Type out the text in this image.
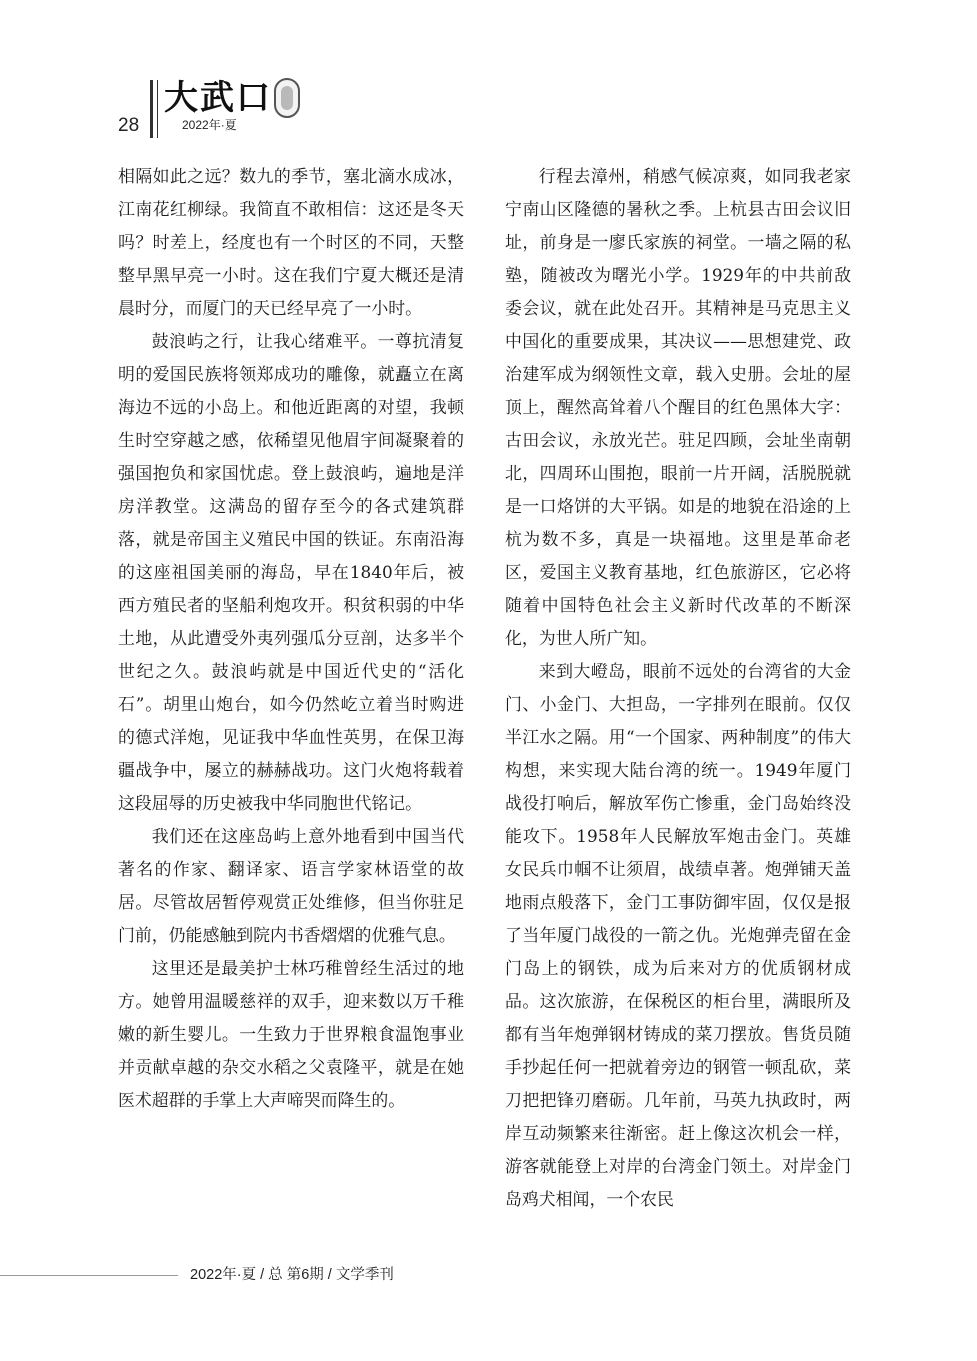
28
大武口
2022年·夏

相隔如此之远？数九的季节，塞北滴水成冰，江南花红柳绿。我简直不敢相信：这还是冬天吗？时差上，经度也有一个时区的不同，天整整早黑早亮一小时。这在我们宁夏大概还是清晨时分，而厦门的天已经早亮了一小时。

鼓浪屿之行，让我心绪难平。一尊抗清复明的爱国民族将领郑成功的雕像，就矗立在离海边不远的小岛上。和他近距离的对望，我顿生时空穿越之感，依稀望见他眉宇间凝聚着的强国抱负和家国忧虑。登上鼓浪屿，遍地是洋房洋教堂。这满岛的留存至今的各式建筑群落，就是帝国主义殖民中国的铁证。东南沿海的这座祖国美丽的海岛，早在1840年后，被西方殖民者的坚船利炮攻开。积贫积弱的中华土地，从此遭受外夷列强瓜分豆剖，达多半个世纪之久。鼓浪屿就是中国近代史的“活化石”。胡里山炮台，如今仍然屹立着当时购进的德式洋炮，见证我中华血性英男，在保卫海疆战争中，屡立的赫赫战功。这门火炮将载着这段屈辱的历史被我中华同胞世代铭记。

我们还在这座岛屿上意外地看到中国当代著名的作家、翻译家、语言学家林语堂的故居。尽管故居暂停观赏正处维修，但当你驻足门前，仍能感触到院内书香熠熠的优雅气息。

这里还是最美护士林巧稚曾经生活过的地方。她曾用温暖慈祥的双手，迎来数以万千稚嫩的新生婴儿。一生致力于世界粮食温饱事业并贡献卓越的杂交水稻之父袁隆平，就是在她医术超群的手掌上大声啼哭而降生的。

行程去漳州，稍感气候凉爽，如同我老家宁南山区隆德的暑秋之季。上杭县古田会议旧址，前身是一廖氏家族的祠堂。一墙之隔的私塾，随被改为曙光小学。1929年的中共前敌委会议，就在此处召开。其精神是马克思主义中国化的重要成果，其决议——思想建党、政治建军成为纲领性文章，载入史册。会址的屋顶上，醒然高耸着八个醒目的红色黑体大字：古田会议，永放光芒。驻足四顾，会址坐南朝北，四周环山围抱，眼前一片开阔，活脱脱就是一口烙饼的大平锅。如是的地貌在沿途的上杭为数不多，真是一块福地。这里是革命老区，爱国主义教育基地，红色旅游区，它必将随着中国特色社会主义新时代改革的不断深化，为世人所广知。

来到大嶝岛，眼前不远处的台湾省的大金门、小金门、大担岛，一字排列在眼前。仅仅半江水之隔。用“一个国家、两种制度”的伟大构想，来实现大陆台湾的统一。1949年厦门战役打响后，解放军伤亡惨重，金门岛始终没能攻下。1958年人民解放军炮击金门。英雄女民兵巾帼不让须眉，战绩卓著。炮弹铺天盖地雨点般落下，金门工事防御牢固，仅仅是报了当年厦门战役的一箭之仇。光炮弹壳留在金门岛上的钢铁，成为后来对方的优质钢材成品。这次旅游，在保税区的柜台里，满眼所及都有当年炮弹钢材铸成的菜刀摆放。售货员随手抄起任何一把就着旁边的钢管一顿乱砍，菜刀把把锋刃磨砺。几年前，马英九执政时，两岸互动频繁来往渐密。赶上像这次机会一样，游客就能登上对岸的台湾金门领土。对岸金门岛鸡犬相闻，一个农民

2022年·夏 / 总 第6期 / 文学季刊
